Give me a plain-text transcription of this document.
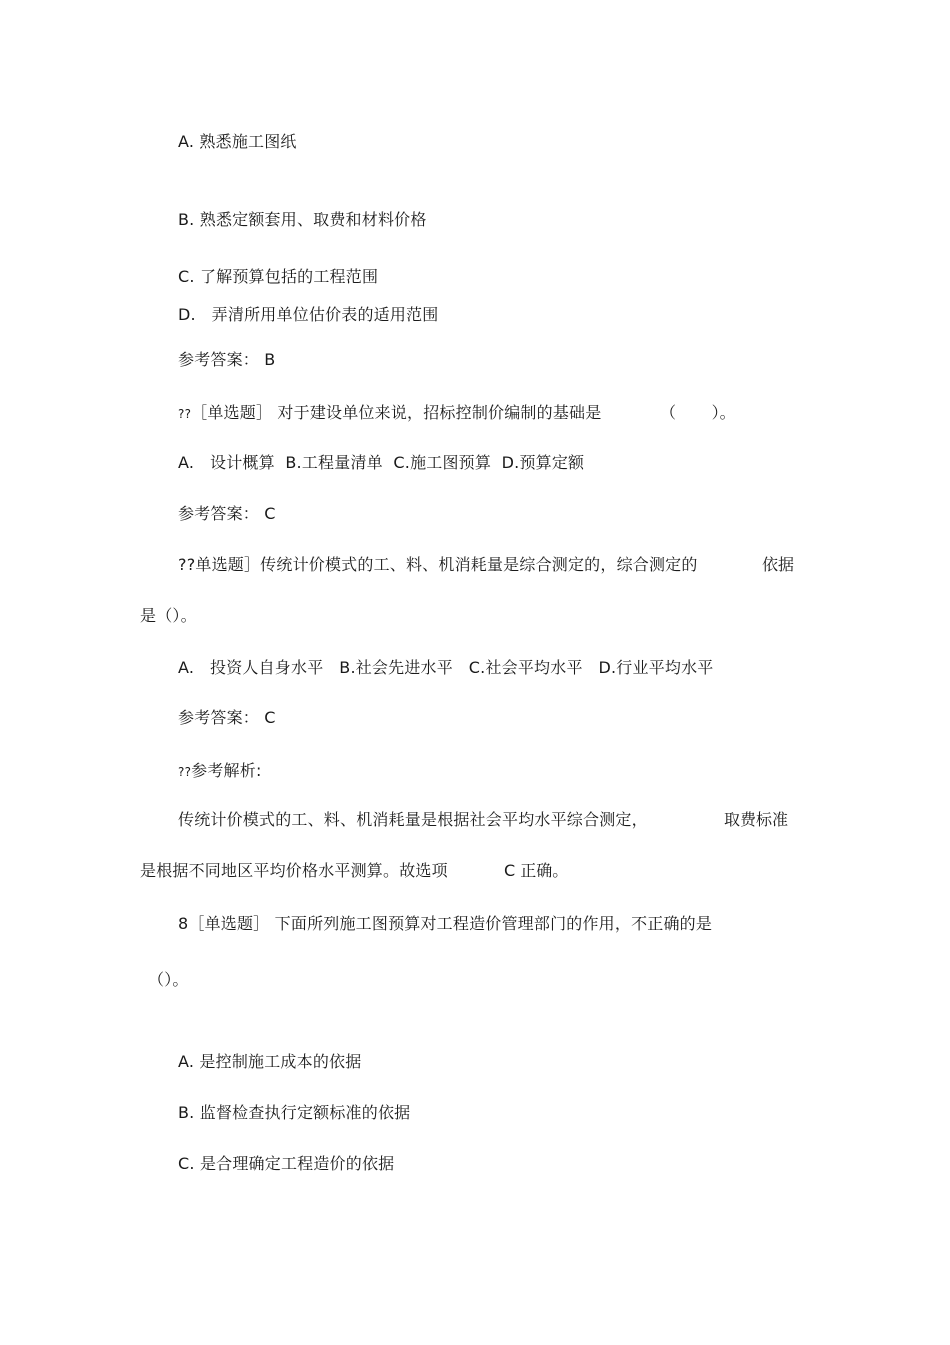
A. 熟悉施工图纸
B. 熟悉定额套用、取费和材料价格
C. 了解预算包括的工程范围
D.   弄清所用单位估价表的适用范围
参考答案： B
??［单选题］ 对于建设单位来说，招标控制价编制的基础是	（       ）。
A.   设计概算  B.工程量清单  C.施工图预算  D.预算定额
参考答案： C
??单选题］传统计价模式的工、料、机消耗量是综合测定的，综合测定的	依据
是（）。
A.   投资人自身水平   B.社会先进水平   C.社会平均水平   D.行业平均水平
参考答案： C
??参考解析:
传统计价模式的工、料、机消耗量是根据社会平均水平综合测定，	取费标准
是根据不同地区平均价格水平测算。故选项	C 正确。
8［单选题］ 下面所列施工图预算对工程造价管理部门的作用，不正确的是
（）。
A. 是控制施工成本的依据
B. 监督检查执行定额标准的依据
C. 是合理确定工程造价的依据
